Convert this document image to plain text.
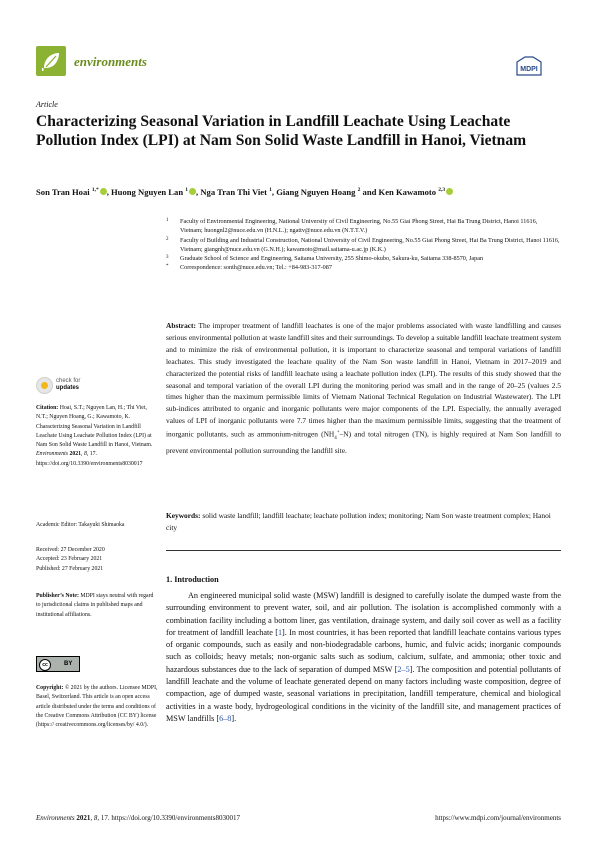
environments
MDPI
Article
Characterizing Seasonal Variation in Landfill Leachate Using Leachate Pollution Index (LPI) at Nam Son Solid Waste Landfill in Hanoi, Vietnam
Son Tran Hoai $^{1,*}$ , Huong Nguyen Lan $^1$ , Nga Tran Thi Viet $^1$, Giang Nguyen Hoang $^2$ and Ken Kawamoto $^{2,3}$
1 Faculty of Environmental Engineering, National University of Civil Engineering, No.55 Giai Phong Street, Hai Ba Trung District, Hanoi 11616, Vietnam; huongnl2@nuce.edu.vn (H.N.L.); ngattv@nuce.edu.vn (N.T.T.V.)
2 Faculty of Building and Industrial Construction, National University of Civil Engineering, No.55 Giai Phong Street, Hai Ba Trung District, Hanoi 11616, Vietnam; giangnh@nuce.edu.vn (G.N.H.); kawamoto@mail.saitama-u.ac.jp (K.K.)
3 Graduate School of Science and Engineering, Saitama University, 255 Shimo-okubo, Sakura-ku, Saitama 338-8570, Japan
* Correspondence: sonth@nuce.edu.vn; Tel.: +84-983-317-087
Abstract: The improper treatment of landfill leachates is one of the major problems associated with waste landfilling and causes serious environmental pollution at waste landfill sites and their surroundings. To develop a suitable landfill leachate treatment system and to minimize the risk of environmental pollution, it is important to characterize seasonal and temporal variations of landfill leachates. This study investigated the leachate quality of the Nam Son waste landfill in Hanoi, Vietnam in 2017–2019 and characterized the potential risks of landfill leachate using a leachate pollution index (LPI). The results of this study showed that the seasonal and temporal variation of the overall LPI during the monitoring period was small and in the range of 20–25 (values 2.5 times higher than the maximum permissible limits of Vietnam National Technical Regulation on Industrial Wastewater). The LPI sub-indices attributed to organic and inorganic pollutants were major components of the LPI. Especially, the annually averaged values of LPI of inorganic pollutants were 7.7 times higher than the maximum permissible limits, suggesting that the treatment of inorganic pollutants, such as ammonium-nitrogen $(NH_4^+-N)$ and total nitrogen (TN), is highly required at Nam Son landfill to prevent environmental pollution surrounding the landfill site.
Keywords: solid waste landfill; landfill leachate; leachate pollution index; monitoring; Nam Son waste treatment complex; Hanoi city
1. Introduction
An engineered municipal solid waste (MSW) landfill is designed to carefully isolate the dumped waste from the surrounding environment to prevent water, soil, and air pollution. The isolation is accomplished commonly with a combination facility including a bottom liner, gas ventilation, drainage system, and daily soil cover as well as a facility for treatment of landfill leachate [1]. In most countries, it has been reported that landfill leachate contains various types of organic compounds, such as easily and non-biodegradable carbons, humic, and fulvic acids; inorganic compounds such as colloids; heavy metals; non-organic salts such as sodium, calcium, sulfate, and ammonia; other toxic and hazardous substances due to the lack of separation of dumped MSW [2–5]. The composition and potential pollutants of landfill leachate and the volume of leachate generated depend on many factors including waste composition, degree of compaction, age of dumped waste, seasonal variations in precipitation, landfill temperature, chemical and biological activities in a waste body, hydrogeological conditions in the vicinity of the landfill site, and management practices of MSW landfills [6–8].
check for
updates
Citation: Hoai, S.T.; Nguyen Lan, H.; Thi Viet, N.T.; Nguyen Hoang, G.; Kawamoto, K. Characterizing Seasonal Variation in Landfill Leachate Using Leachate Pollution Index (LPI) at Nam Son Solid Waste Landfill in Hanoi, Vietnam. Environments 2021, 8, 17. https://doi.org/10.3390/environments8030017
Academic Editor: Takayuki Shimaoka
Received: 27 December 2020
Accepted: 23 February 2021
Published: 27 February 2021
Publisher’s Note: MDPI stays neutral with regard to jurisdictional claims in published maps and institutional affiliations.
cc	BY
Copyright: © 2021 by the authors. Licensee MDPI, Basel, Switzerland. This article is an open access article distributed under the terms and conditions of the Creative Commons Attribution (CC BY) license (https:// creativecommons.org/licenses/by/ 4.0/).
Environments 2021, 8, 17. https://doi.org/10.3390/environments8030017	https://www.mdpi.com/journal/environments
